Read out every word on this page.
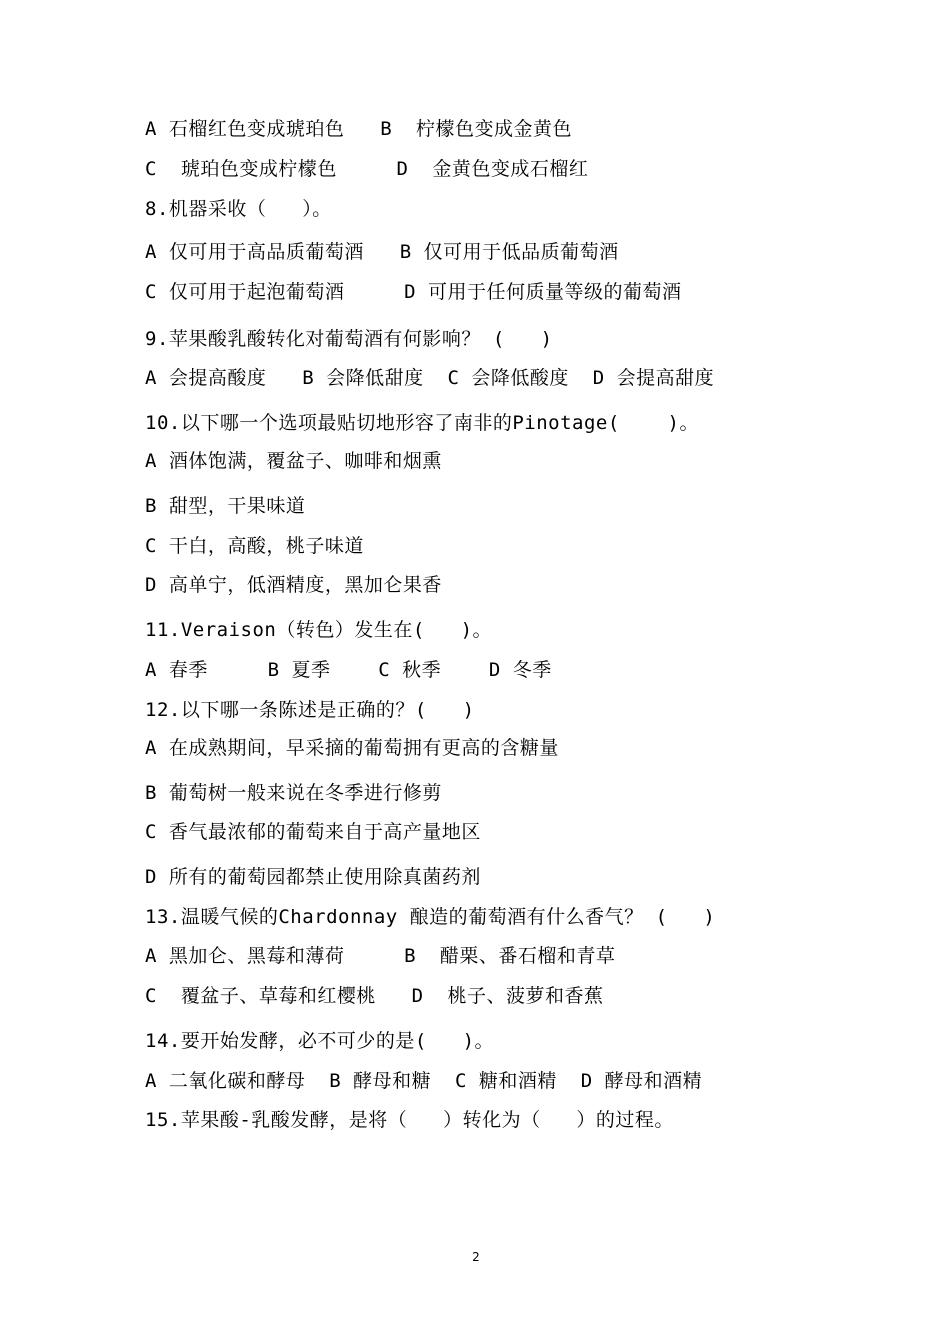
A 石榴红色变成琥珀色   B  柠檬色变成金黄色
C  琥珀色变成柠檬色     D  金黄色变成石榴红
8.机器采收（   ）。
A 仅可用于高品质葡萄酒   B 仅可用于低品质葡萄酒
C 仅可用于起泡葡萄酒     D 可用于任何质量等级的葡萄酒
9.苹果酸乳酸转化对葡萄酒有何影响？ (   )
A 会提高酸度   B 会降低甜度  C 会降低酸度  D 会提高甜度
10.以下哪一个选项最贴切地形容了南非的Pinotage(    )。
A 酒体饱满，覆盆子、咖啡和烟熏
B 甜型，干果味道
C 干白，高酸，桃子味道
D 高单宁，低酒精度，黑加仑果香
11.Veraison（转色）发生在(   )。
A 春季     B 夏季    C 秋季    D 冬季
12.以下哪一条陈述是正确的？(   )
A 在成熟期间，早采摘的葡萄拥有更高的含糖量
B 葡萄树一般来说在冬季进行修剪
C 香气最浓郁的葡萄来自于高产量地区
D 所有的葡萄园都禁止使用除真菌药剂
13.温暖气候的Chardonnay 酿造的葡萄酒有什么香气？ (   )
A 黑加仑、黑莓和薄荷     B  醋栗、番石榴和青草
C  覆盆子、草莓和红樱桃   D  桃子、菠萝和香蕉
14.要开始发酵，必不可少的是(   )。
A 二氧化碳和酵母  B 酵母和糖  C 糖和酒精  D 酵母和酒精
15.苹果酸-乳酸发酵，是将（   ）转化为（   ）的过程。
2
